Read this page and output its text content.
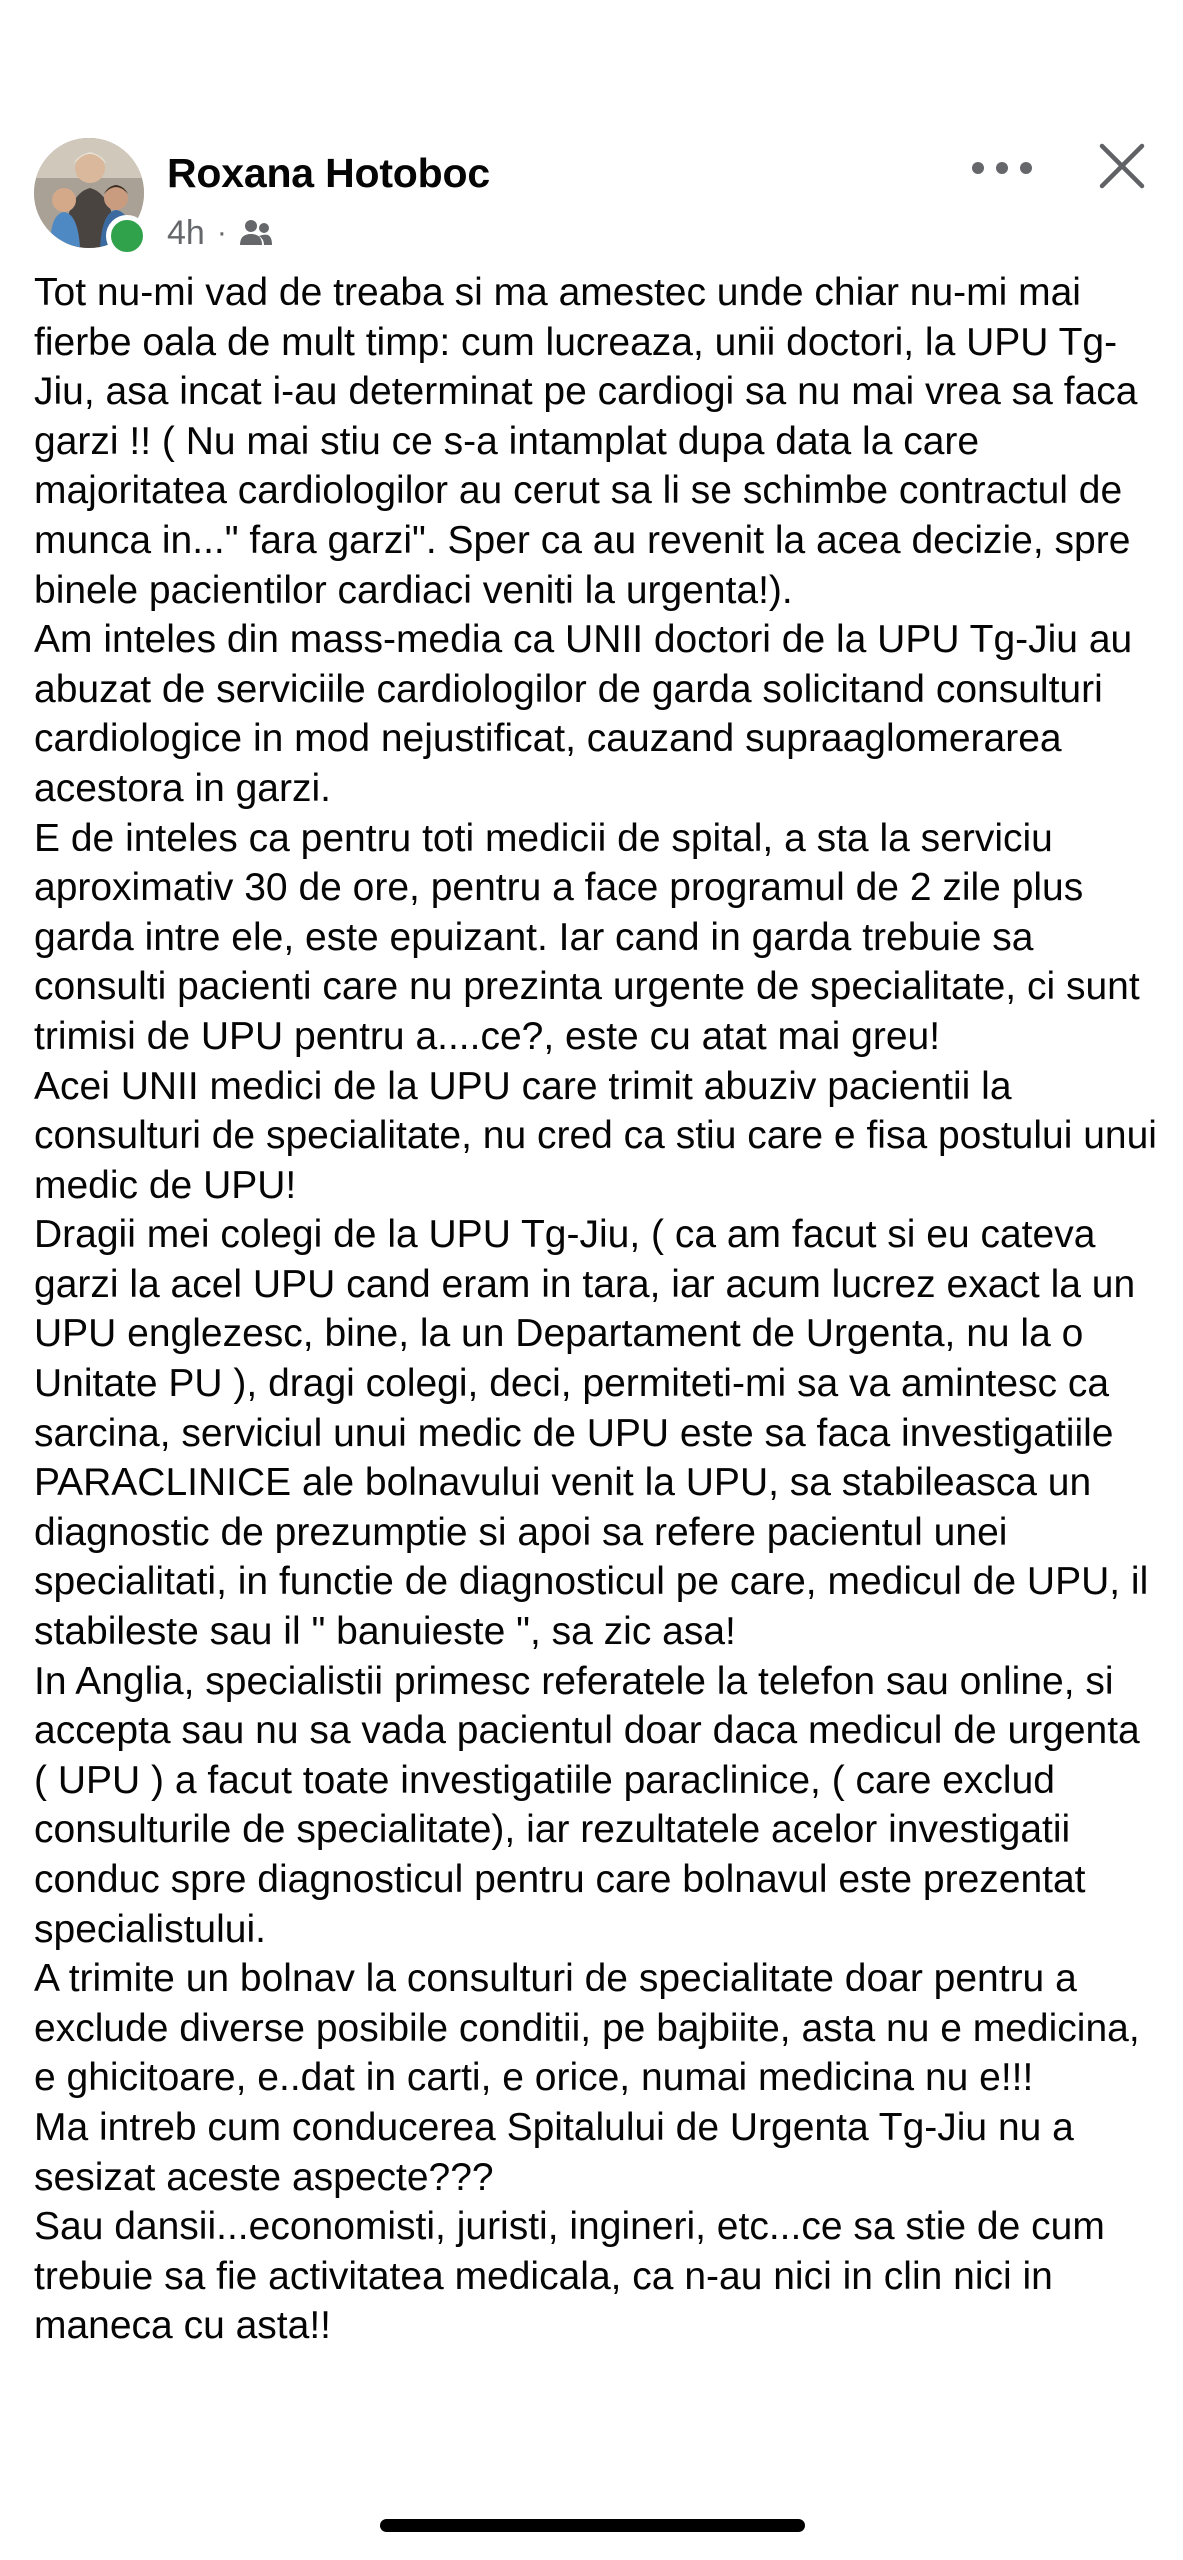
Roxana Hotoboc
4h ·

Tot nu-mi vad de treaba si ma amestec unde chiar nu-mi mai fierbe oala de mult timp: cum lucreaza, unii doctori, la UPU Tg-Jiu, asa incat i-au determinat pe cardiogi sa nu mai vrea sa faca garzi !! ( Nu mai stiu ce s-a intamplat dupa data la care majoritatea cardiologilor au cerut sa li se schimbe contractul de munca in..." fara garzi". Sper ca au revenit la acea decizie, spre binele pacientilor cardiaci veniti la urgenta!).

Am inteles din mass-media ca UNII doctori de la UPU Tg-Jiu au abuzat de serviciile cardiologilor de garda solicitand consulturi cardiologice in mod nejustificat, cauzand supraaglomerarea acestora in garzi.

E de inteles ca pentru toti medicii de spital, a sta la serviciu aproximativ 30 de ore, pentru a face programul de 2 zile plus garda intre ele, este epuizant. Iar cand in garda trebuie sa consulti pacienti care nu prezinta urgente de specialitate, ci sunt trimisi de UPU pentru a....ce?, este cu atat mai greu!

Acei UNII medici de la UPU care trimit abuziv pacientii la consulturi de specialitate, nu cred ca stiu care e fisa postului unui medic de UPU!

Dragii mei colegi de la UPU Tg-Jiu, ( ca am facut si eu cateva garzi la acel UPU cand eram in tara, iar acum lucrez exact la un UPU englezesc, bine, la un Departament de Urgenta, nu la o Unitate PU ), dragi colegi, deci, permiteti-mi sa va amintesc ca sarcina, serviciul unui medic de UPU este sa faca investigatiile PARACLINICE ale bolnavului venit la UPU, sa stabileasca un diagnostic de prezumptie si apoi sa refere pacientul unei specialitati, in functie de diagnosticul pe care, medicul de UPU, il stabileste sau il " banuieste ", sa zic asa!

In Anglia, specialistii primesc referatele la telefon sau online, si accepta sau nu sa vada pacientul doar daca medicul de urgenta ( UPU ) a facut toate investigatiile paraclinice, ( care exclud consulturile de specialitate), iar rezultatele acelor investigatii conduc spre diagnosticul pentru care bolnavul este prezentat specialistului.

A trimite un bolnav la consulturi de specialitate doar pentru a exclude diverse posibile conditii, pe bajbiite, asta nu e medicina, e ghicitoare, e..dat in carti, e orice, numai medicina nu e!!!

Ma intreb cum conducerea Spitalului de Urgenta Tg-Jiu nu a sesizat aceste aspecte???

Sau dansii...economisti, juristi, ingineri, etc...ce sa stie de cum trebuie sa fie activitatea medicala, ca n-au nici in clin nici in maneca cu asta!!
